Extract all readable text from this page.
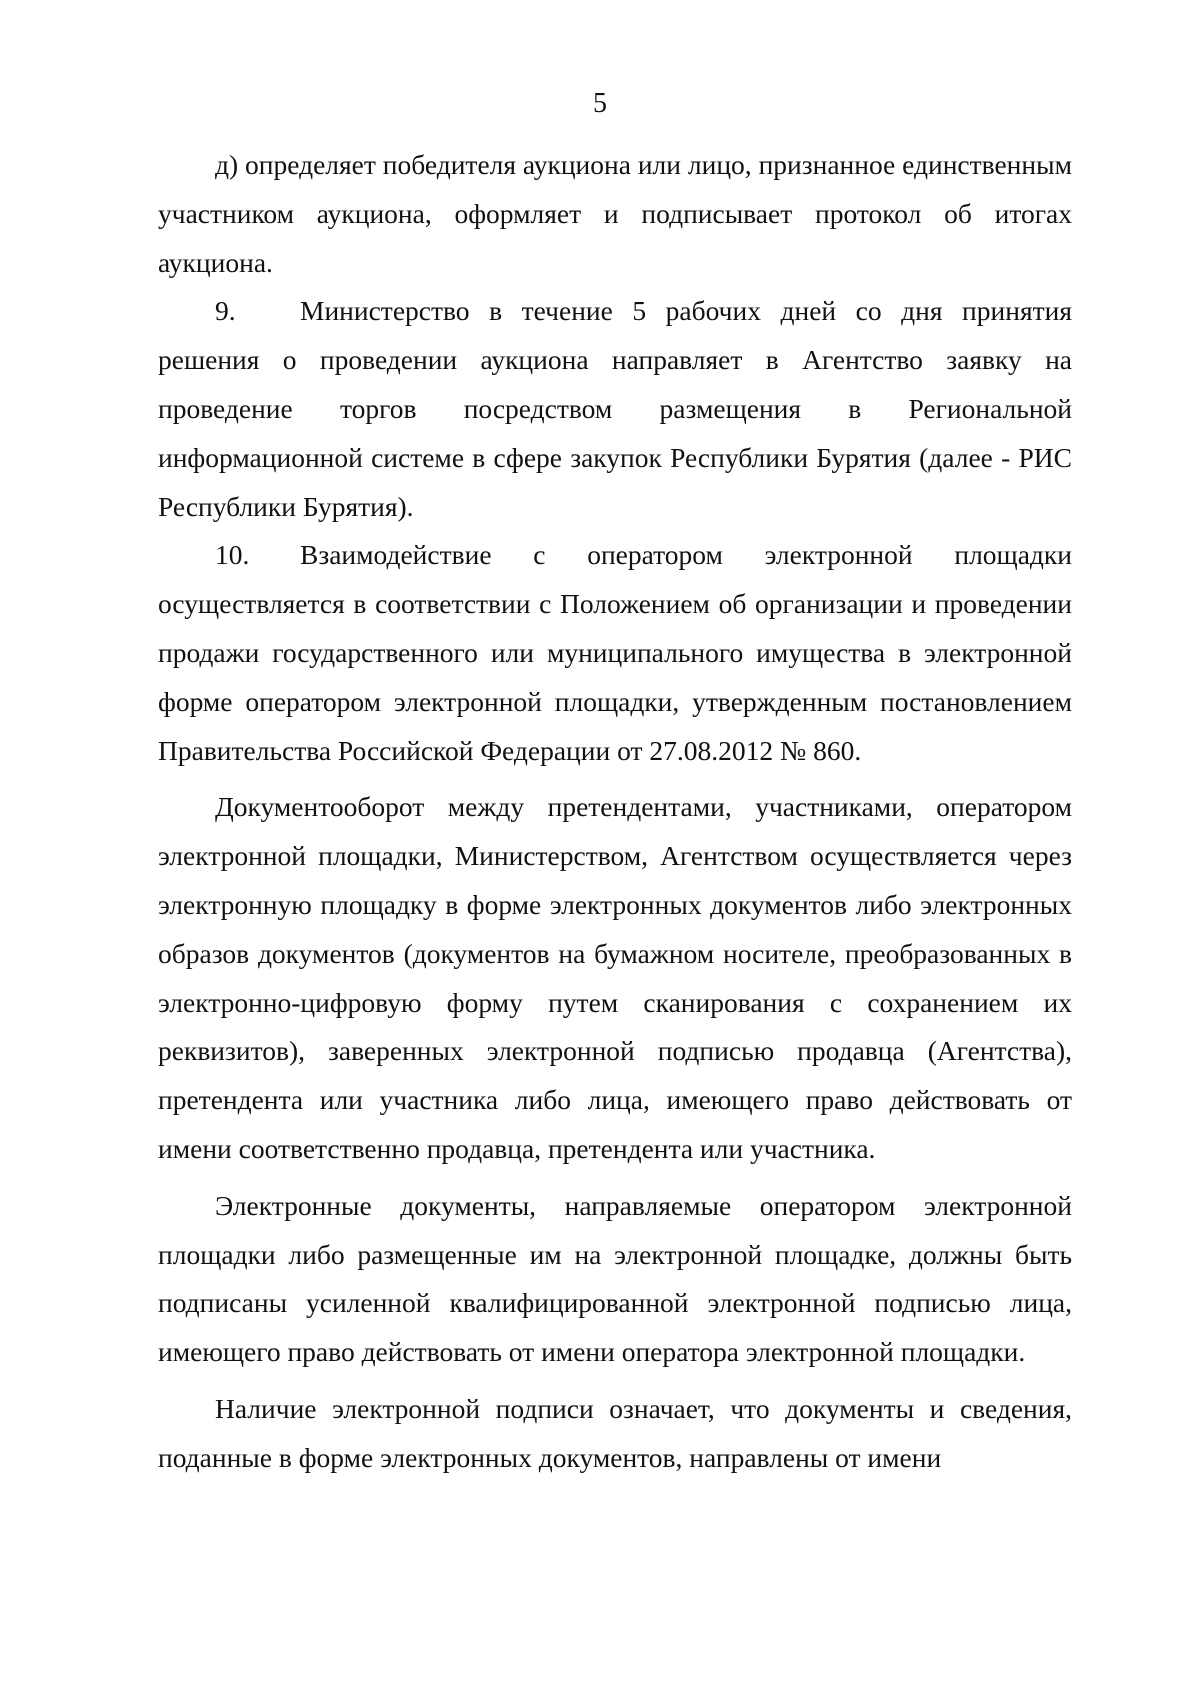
5

д) определяет победителя аукциона или лицо, признанное единственным участником аукциона, оформляет и подписывает протокол об итогах аукциона.

9. Министерство в течение 5 рабочих дней со дня принятия решения о проведении аукциона направляет в Агентство заявку на проведение торгов посредством размещения в Региональной информационной системе в сфере закупок Республики Бурятия (далее - РИС Республики Бурятия).

10. Взаимодействие с оператором электронной площадки осуществляется в соответствии с Положением об организации и проведении продажи государственного или муниципального имущества в электронной форме оператором электронной площадки, утвержденным постановлением Правительства Российской Федерации от 27.08.2012 № 860.

Документооборот между претендентами, участниками, оператором электронной площадки, Министерством, Агентством осуществляется через электронную площадку в форме электронных документов либо электронных образов документов (документов на бумажном носителе, преобразованных в электронно-цифровую форму путем сканирования с сохранением их реквизитов), заверенных электронной подписью продавца (Агентства), претендента или участника либо лица, имеющего право действовать от имени соответственно продавца, претендента или участника.

Электронные документы, направляемые оператором электронной площадки либо размещенные им на электронной площадке, должны быть подписаны усиленной квалифицированной электронной подписью лица, имеющего право действовать от имени оператора электронной площадки.

Наличие электронной подписи означает, что документы и сведения, поданные в форме электронных документов, направлены от имени
